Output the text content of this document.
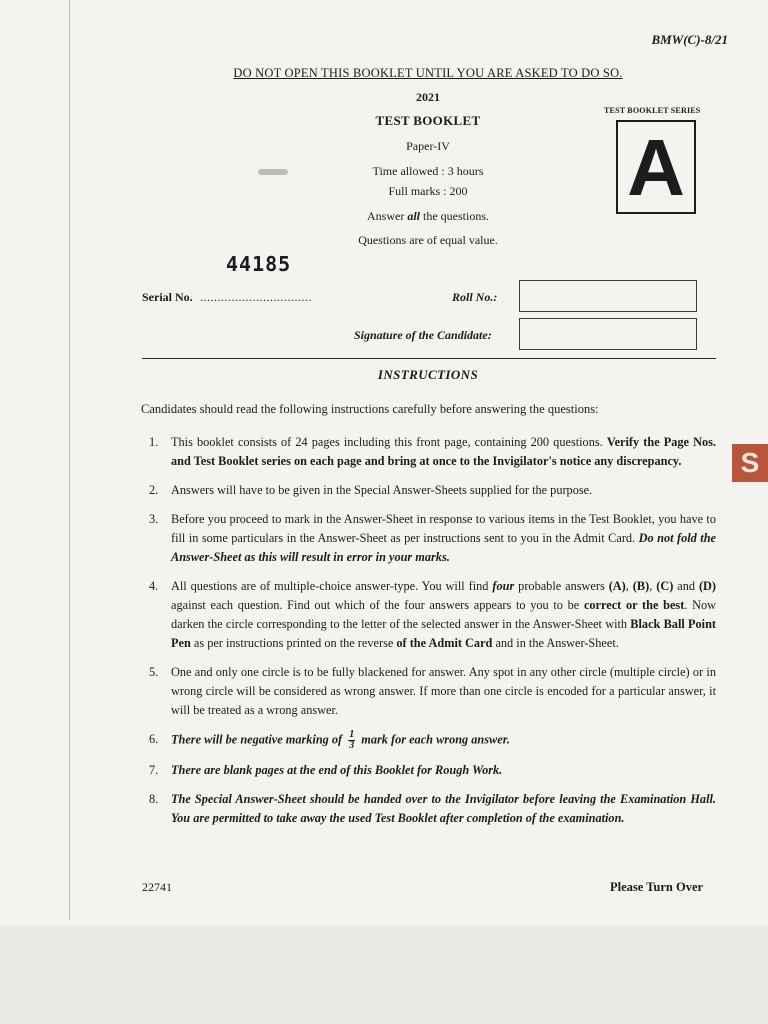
BMW(C)-8/21
DO NOT OPEN THIS BOOKLET UNTIL YOU ARE ASKED TO DO SO.
2021
TEST BOOKLET
Paper-IV
Time allowed : 3 hours
Full marks : 200
Answer all the questions.
Questions are of equal value.
TEST BOOKLET SERIES
A
44185
Serial No. ................................	Roll No.:
Signature of the Candidate:
INSTRUCTIONS
Candidates should read the following instructions carefully before answering the questions:
1.	This booklet consists of 24 pages including this front page, containing 200 questions. Verify the Page Nos. and Test Booklet series on each page and bring at once to the Invigilator's notice any discrepancy.
2.	Answers will have to be given in the Special Answer-Sheets supplied for the purpose.
3.	Before you proceed to mark in the Answer-Sheet in response to various items in the Test Booklet, you have to fill in some particulars in the Answer-Sheet as per instructions sent to you in the Admit Card. Do not fold the Answer-Sheet as this will result in error in your marks.
4.	All questions are of multiple-choice answer-type. You will find four probable answers (A), (B), (C) and (D) against each question. Find out which of the four answers appears to you to be correct or the best. Now darken the circle corresponding to the letter of the selected answer in the Answer-Sheet with Black Ball Point Pen as per instructions printed on the reverse of the Admit Card and in the Answer-Sheet.
5.	One and only one circle is to be fully blackened for answer. Any spot in any other circle (multiple circle) or in wrong circle will be considered as wrong answer. If more than one circle is encoded for a particular answer, it will be treated as a wrong answer.
6.	There will be negative marking of $\frac{1}{3}$ mark for each wrong answer.
7.	There are blank pages at the end of this Booklet for Rough Work.
8.	The Special Answer-Sheet should be handed over to the Invigilator before leaving the Examination Hall. You are permitted to take away the used Test Booklet after completion of the examination.
22741	Please Turn Over
S
